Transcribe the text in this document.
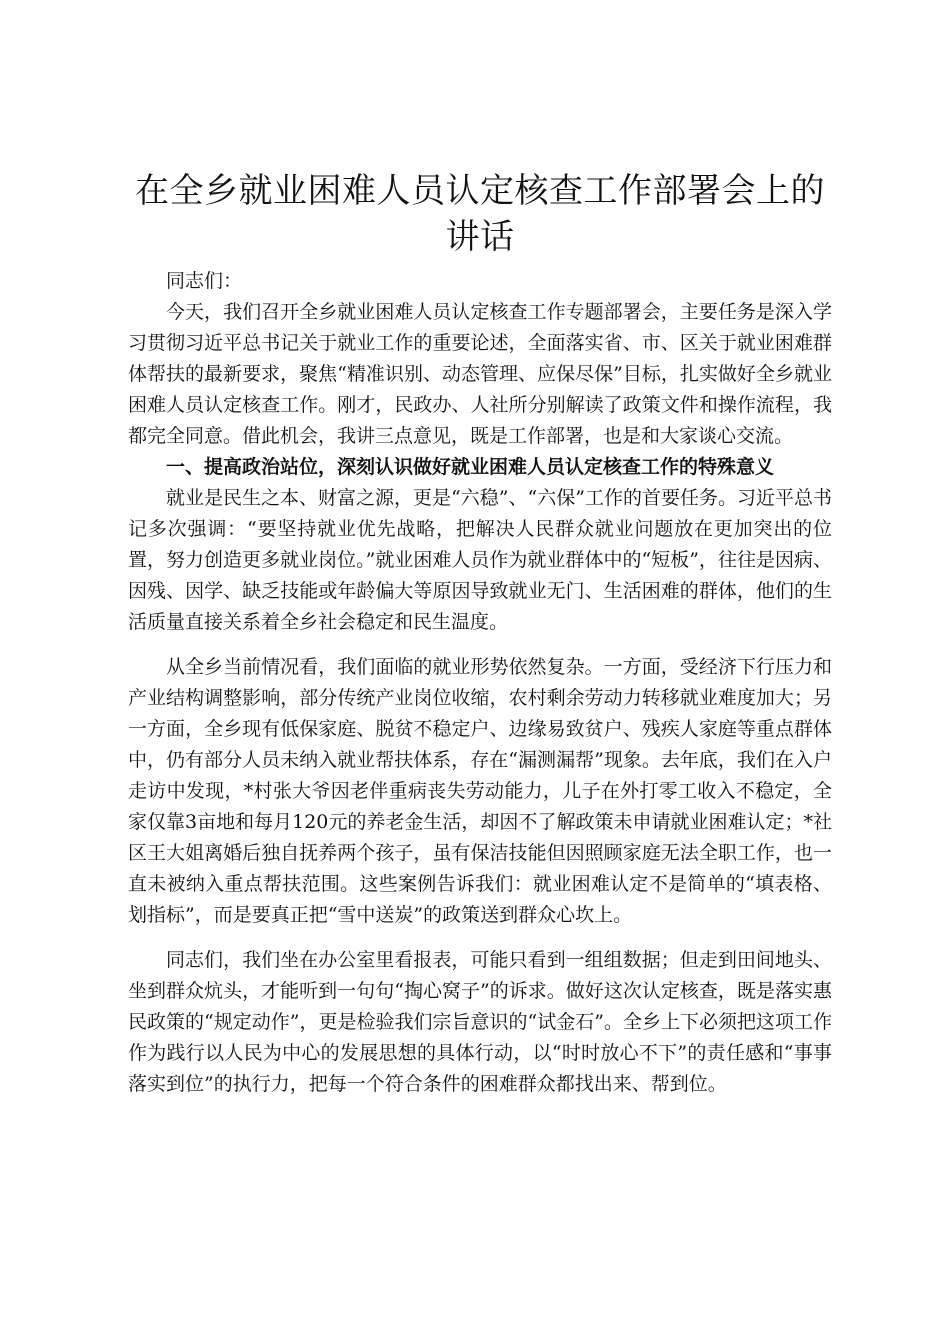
在全乡就业困难人员认定核查工作部署会上的讲话

同志们：

今天，我们召开全乡就业困难人员认定核查工作专题部署会，主要任务是深入学习贯彻习近平总书记关于就业工作的重要论述，全面落实省、市、区关于就业困难群体帮扶的最新要求，聚焦“精准识别、动态管理、应保尽保”目标，扎实做好全乡就业困难人员认定核查工作。刚才，民政办、人社所分别解读了政策文件和操作流程，我都完全同意。借此机会，我讲三点意见，既是工作部署，也是和大家谈心交流。

一、提高政治站位，深刻认识做好就业困难人员认定核查工作的特殊意义

就业是民生之本、财富之源，更是“六稳”、“六保”工作的首要任务。习近平总书记多次强调：“要坚持就业优先战略，把解决人民群众就业问题放在更加突出的位置，努力创造更多就业岗位。”就业困难人员作为就业群体中的“短板”，往往是因病、因残、因学、缺乏技能或年龄偏大等原因导致就业无门、生活困难的群体，他们的生活质量直接关系着全乡社会稳定和民生温度。

从全乡当前情况看，我们面临的就业形势依然复杂。一方面，受经济下行压力和产业结构调整影响，部分传统产业岗位收缩，农村剩余劳动力转移就业难度加大；另一方面，全乡现有低保家庭、脱贫不稳定户、边缘易致贫户、残疾人家庭等重点群体中，仍有部分人员未纳入就业帮扶体系，存在“漏测漏帮”现象。去年底，我们在入户走访中发现，*村张大爷因老伴重病丧失劳动能力，儿子在外打零工收入不稳定，全家仅靠3亩地和每月120元的养老金生活，却因不了解政策未申请就业困难认定；*社区王大姐离婚后独自抚养两个孩子，虽有保洁技能但因照顾家庭无法全职工作，也一直未被纳入重点帮扶范围。这些案例告诉我们：就业困难认定不是简单的“填表格、划指标”，而是要真正把“雪中送炭”的政策送到群众心坎上。

同志们，我们坐在办公室里看报表，可能只看到一组组数据；但走到田间地头、坐到群众炕头，才能听到一句句“掏心窝子”的诉求。做好这次认定核查，既是落实惠民政策的“规定动作”，更是检验我们宗旨意识的“试金石”。全乡上下必须把这项工作作为践行以人民为中心的发展思想的具体行动，以“时时放心不下”的责任感和“事事落实到位”的执行力，把每一个符合条件的困难群众都找出来、帮到位。
